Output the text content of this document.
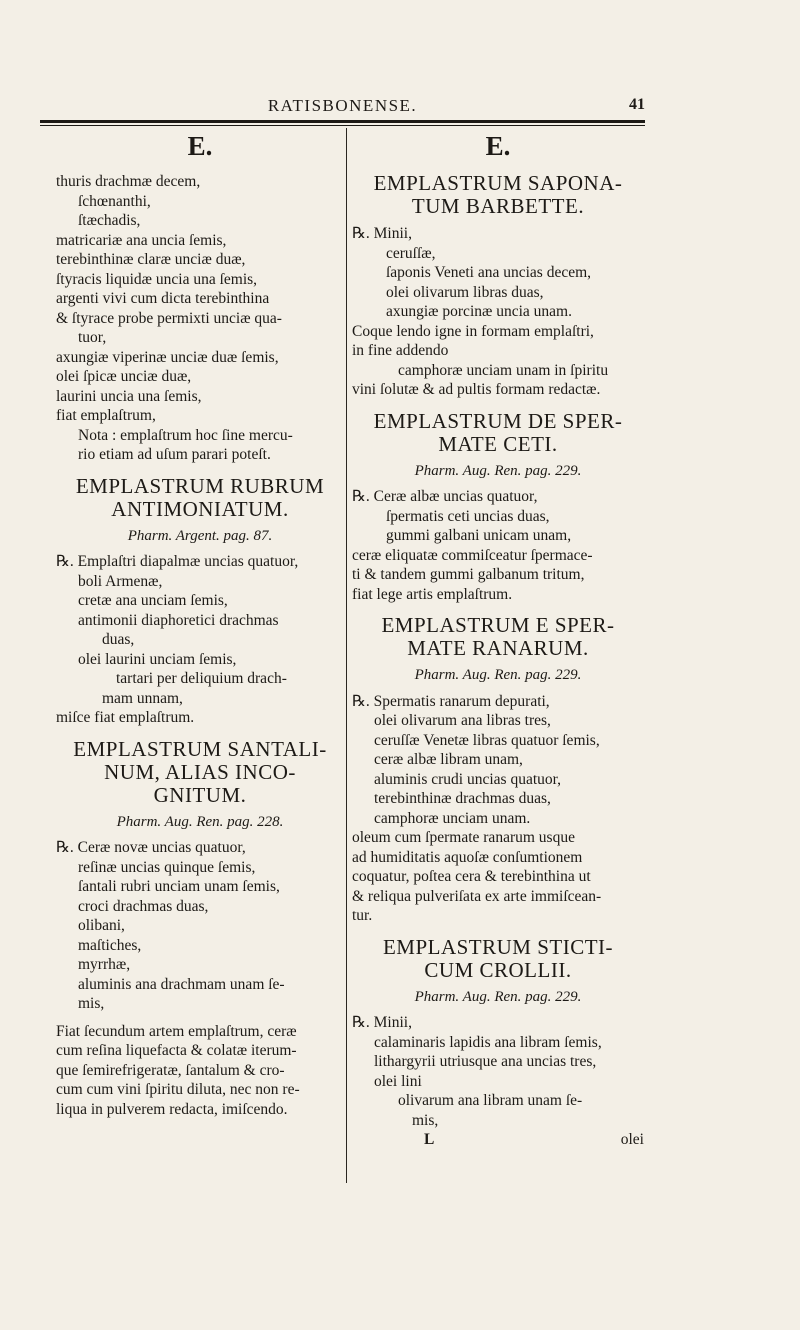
RATISBONENSE.	41
E.
thuris drachmæ decem,
ſchœnanthi,
ſtæchadis,
matricariæ ana uncia ſemis,
terebinthinæ claræ unciæ duæ,
ſtyracis liquidæ uncia una ſemis,
argenti vivi cum dicta terebinthina
& ſtyrace probe permixti unciæ qua-
tuor,
axungiæ viperinæ unciæ duæ ſemis,
olei ſpicæ unciæ duæ,
laurini uncia una ſemis,
fiat emplaſtrum,
Nota : emplaſtrum hoc ſine mercu-
rio etiam ad uſum parari poteſt.
EMPLASTRUM RUBRUM
ANTIMONIATUM.
Pharm. Argent. pag. 87.
℞. Emplaſtri diapalmæ uncias quatuor,
boli Armenæ,
cretæ ana unciam ſemis,
antimonii diaphoretici drachmas
duas,
olei laurini unciam ſemis,
tartari per deliquium drach-
mam unnam,
miſce fiat emplaſtrum.
EMPLASTRUM SANTALI-
NUM, ALIAS INCO-
GNITUM.
Pharm. Aug. Ren. pag. 228.
℞. Ceræ novæ uncias quatuor,
reſinæ uncias quinque ſemis,
ſantali rubri unciam unam ſemis,
croci drachmas duas,
olibani,
maſtiches,
myrrhæ,
aluminis ana drachmam unam ſe-
mis,
Fiat ſecundum artem emplaſtrum, ceræ
cum reſina liquefacta & colatæ iterum-
que ſemirefrigeratæ, ſantalum & cro-
cum cum vini ſpiritu diluta, nec non re-
liqua in pulverem redacta, imiſcendo.
E.
EMPLASTRUM SAPONA-
TUM BARBETTE.
℞. Minii,
ceruſſæ,
ſaponis Veneti ana uncias decem,
olei olivarum libras duas,
axungiæ porcinæ uncia unam.
Coque lendo igne in formam emplaſtri,
in fine addendo
camphoræ unciam unam in ſpiritu
vini ſolutæ & ad pultis formam redactæ.
EMPLASTRUM DE SPER-
MATE CETI.
Pharm. Aug. Ren. pag. 229.
℞. Ceræ albæ uncias quatuor,
ſpermatis ceti uncias duas,
gummi galbani unicam unam,
ceræ eliquatæ commiſceatur ſpermace-
ti & tandem gummi galbanum tritum,
fiat lege artis emplaſtrum.
EMPLASTRUM E SPER-
MATE RANARUM.
Pharm. Aug. Ren. pag. 229.
℞. Spermatis ranarum depurati,
olei olivarum ana libras tres,
ceruſſæ Venetæ libras quatuor ſemis,
ceræ albæ libram unam,
aluminis crudi uncias quatuor,
terebinthinæ drachmas duas,
camphoræ unciam unam.
oleum cum ſpermate ranarum usque
ad humiditatis aquoſæ conſumtionem
coquatur, poſtea cera & terebinthina ut
& reliqua pulveriſata ex arte immiſcean-
tur.
EMPLASTRUM STICTI-
CUM CROLLII.
Pharm. Aug. Ren. pag. 229.
℞. Minii,
calaminaris lapidis ana libram ſemis,
lithargyrii utriusque ana uncias tres,
olei lini
olivarum ana libram unam ſe-
mis,
L	olei
